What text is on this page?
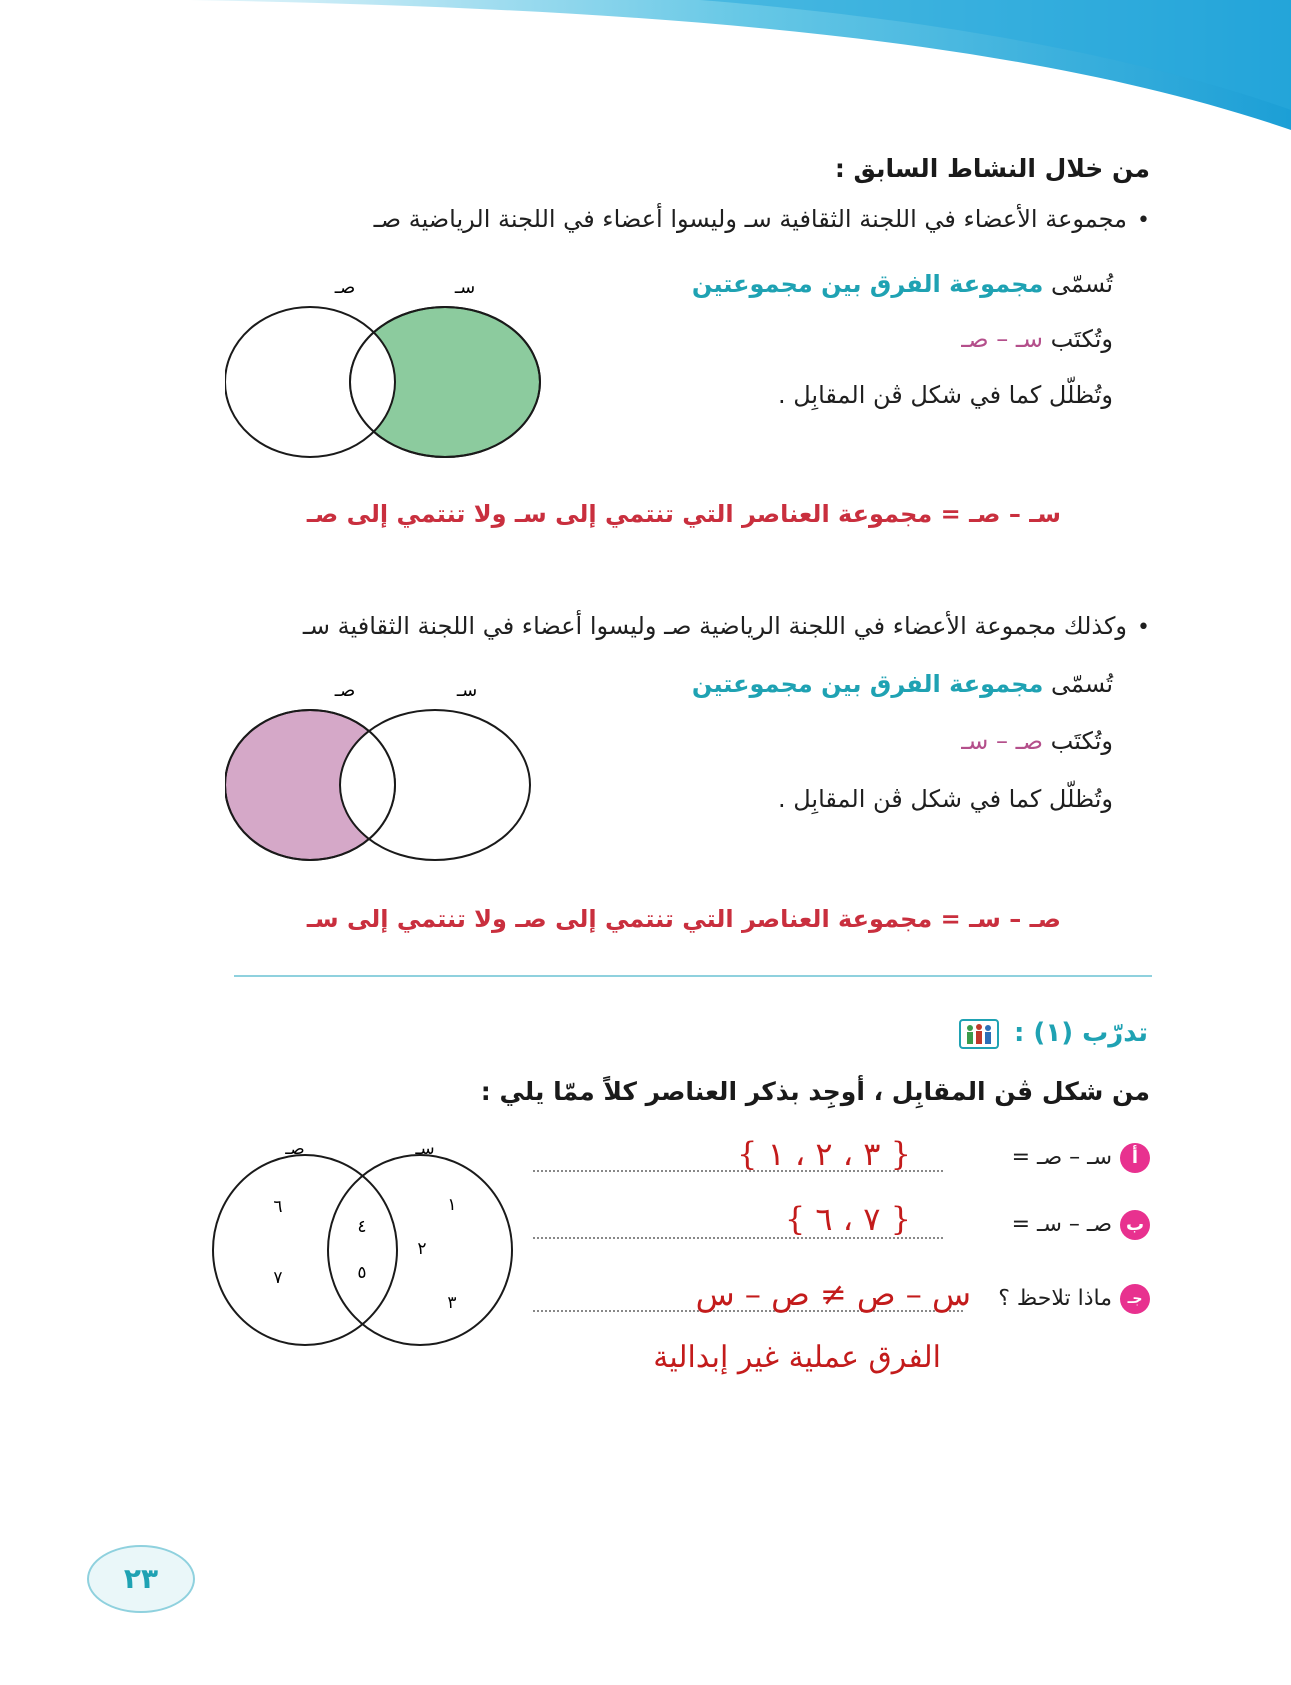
من خلال النشاط السابق :
•مجموعة الأعضاء في اللجنة الثقافية سـ وليسوا أعضاء في اللجنة الرياضية صـ
تُسمّى مجموعة الفرق بين مجموعتين
وتُكتَب سـ – صـ
وتُظلّل كما في شكل ڤن المقابِل .
صـ	سـ
سـ – صـ = مجموعة العناصر التي تنتمي إلى سـ ولا تنتمي إلى صـ
•وكذلك مجموعة الأعضاء في اللجنة الرياضية صـ وليسوا أعضاء في اللجنة الثقافية سـ
تُسمّى مجموعة الفرق بين مجموعتين
وتُكتَب صـ – سـ
وتُظلّل كما في شكل ڤن المقابِل .
صـ	سـ
صـ – سـ = مجموعة العناصر التي تنتمي إلى صـ ولا تنتمي إلى سـ
تدرّب (١) :
من شكل ڤن المقابِل ، أوجِد بذكر العناصر كلاً ممّا يلي :
أسـ – صـ =
{ ٣ ، ٢ ، ١ }
بصـ – سـ =
{ ٧ ، ٦ }
جـماذا تلاحظ ؟
س – ص ≠ ص – س
الفرق عملية غير إبدالية
صـ	سـ
٦
٧
٤
٥
١
٢
٣
٢٣
